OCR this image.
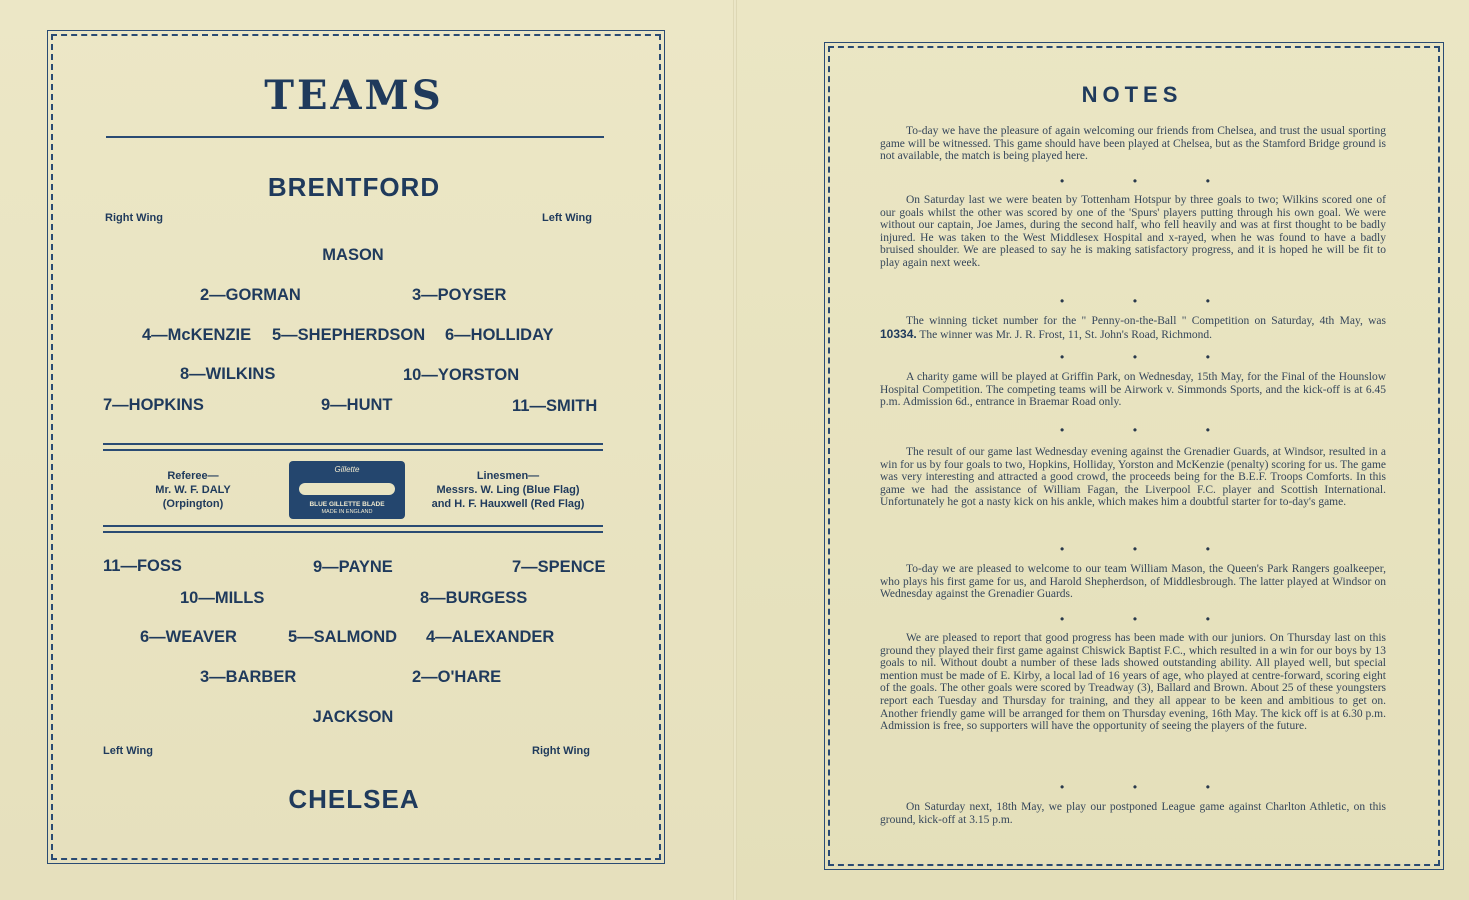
TEAMS
BRENTFORD
Right Wing	Left Wing
MASON
2—GORMAN	3—POYSER
4—McKENZIE 5—SHEPHERDSON 6—HOLLIDAY
8—WILKINS	10—YORSTON
7—HOPKINS	9—HUNT	11—SMITH
Referee—
Mr. W. F. DALY
(Orpington)
Gillette
BLUE GILLETTE BLADE
MADE IN ENGLAND
Linesmen—
Messrs. W. Ling (Blue Flag)
and H. F. Hauxwell (Red Flag)
11—FOSS	9—PAYNE	7—SPENCE
10—MILLS	8—BURGESS
6—WEAVER	5—SALMOND 4—ALEXANDER
3—BARBER	2—O'HARE
JACKSON
Left Wing	Right Wing
CHELSEA
NOTES
To-day we have the pleasure of again welcoming our friends from Chelsea, and trust the usual sporting game will be witnessed. This game should have been played at Chelsea, but as the Stamford Bridge ground is not available, the match is being played here.
•	•	•
On Saturday last we were beaten by Tottenham Hotspur by three goals to two; Wilkins scored one of our goals whilst the other was scored by one of the 'Spurs' players putting through his own goal. We were without our captain, Joe James, during the second half, who fell heavily and was at first thought to be badly injured. He was taken to the West Middlesex Hospital and x-rayed, when he was found to have a badly bruised shoulder. We are pleased to say he is making satisfactory progress, and it is hoped he will be fit to play again next week.
•	•	•
The winning ticket number for the " Penny-on-the-Ball " Competition on Saturday, 4th May, was 10334. The winner was Mr. J. R. Frost, 11, St. John's Road, Richmond.
•	•	•
A charity game will be played at Griffin Park, on Wednesday, 15th May, for the Final of the Hounslow Hospital Competition. The competing teams will be Airwork v. Simmonds Sports, and the kick-off is at 6.45 p.m. Admission 6d., entrance in Braemar Road only.
•	•	•
The result of our game last Wednesday evening against the Grenadier Guards, at Windsor, resulted in a win for us by four goals to two, Hopkins, Holliday, Yorston and McKenzie (penalty) scoring for us. The game was very interesting and attracted a good crowd, the proceeds being for the B.E.F. Troops Comforts. In this game we had the assistance of William Fagan, the Liverpool F.C. player and Scottish International. Unfortunately he got a nasty kick on his ankle, which makes him a doubtful starter for to-day's game.
•	•	•
To-day we are pleased to welcome to our team William Mason, the Queen's Park Rangers goalkeeper, who plays his first game for us, and Harold Shepherdson, of Middlesbrough. The latter played at Windsor on Wednesday against the Grenadier Guards.
•	•	•
We are pleased to report that good progress has been made with our juniors. On Thursday last on this ground they played their first game against Chiswick Baptist F.C., which resulted in a win for our boys by 13 goals to nil. Without doubt a number of these lads showed outstanding ability. All played well, but special mention must be made of E. Kirby, a local lad of 16 years of age, who played at centre-forward, scoring eight of the goals. The other goals were scored by Treadway (3), Ballard and Brown. About 25 of these youngsters report each Tuesday and Thursday for training, and they all appear to be keen and ambitious to get on. Another friendly game will be arranged for them on Thursday evening, 16th May. The kick off is at 6.30 p.m. Admission is free, so supporters will have the opportunity of seeing the players of the future.
•	•	•
On Saturday next, 18th May, we play our postponed League game against Charlton Athletic, on this ground, kick-off at 3.15 p.m.
